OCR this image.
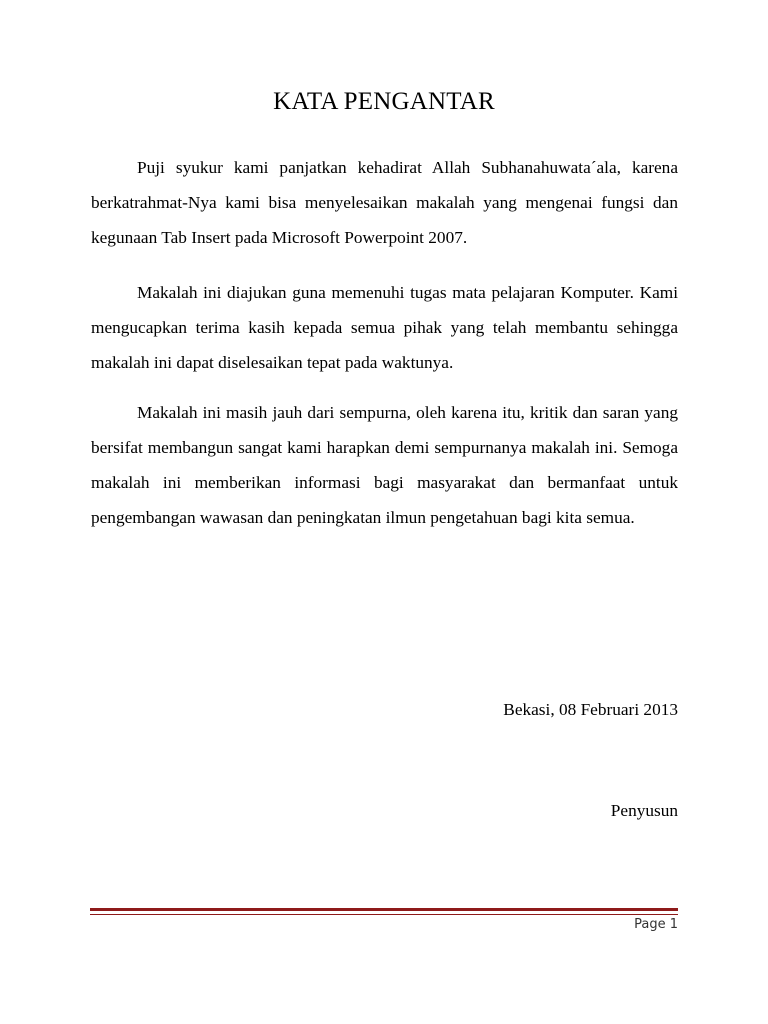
KATA PENGANTAR

Puji syukur kami panjatkan kehadirat Allah Subhanahuwata´ala, karena berkatrahmat-Nya kami bisa menyelesaikan makalah yang mengenai fungsi dan kegunaan Tab Insert pada Microsoft Powerpoint 2007.

Makalah ini diajukan guna memenuhi tugas mata pelajaran Komputer. Kami mengucapkan terima kasih kepada semua pihak yang telah membantu sehingga makalah ini dapat diselesaikan tepat pada waktunya.

Makalah ini masih jauh dari sempurna, oleh karena itu, kritik dan saran yang bersifat membangun sangat kami harapkan demi sempurnanya makalah ini. Semoga makalah ini memberikan informasi bagi masyarakat dan bermanfaat untuk pengembangan wawasan dan peningkatan ilmun pengetahuan bagi kita semua.

Bekasi, 08 Februari 2013

Penyusun

Page 1
